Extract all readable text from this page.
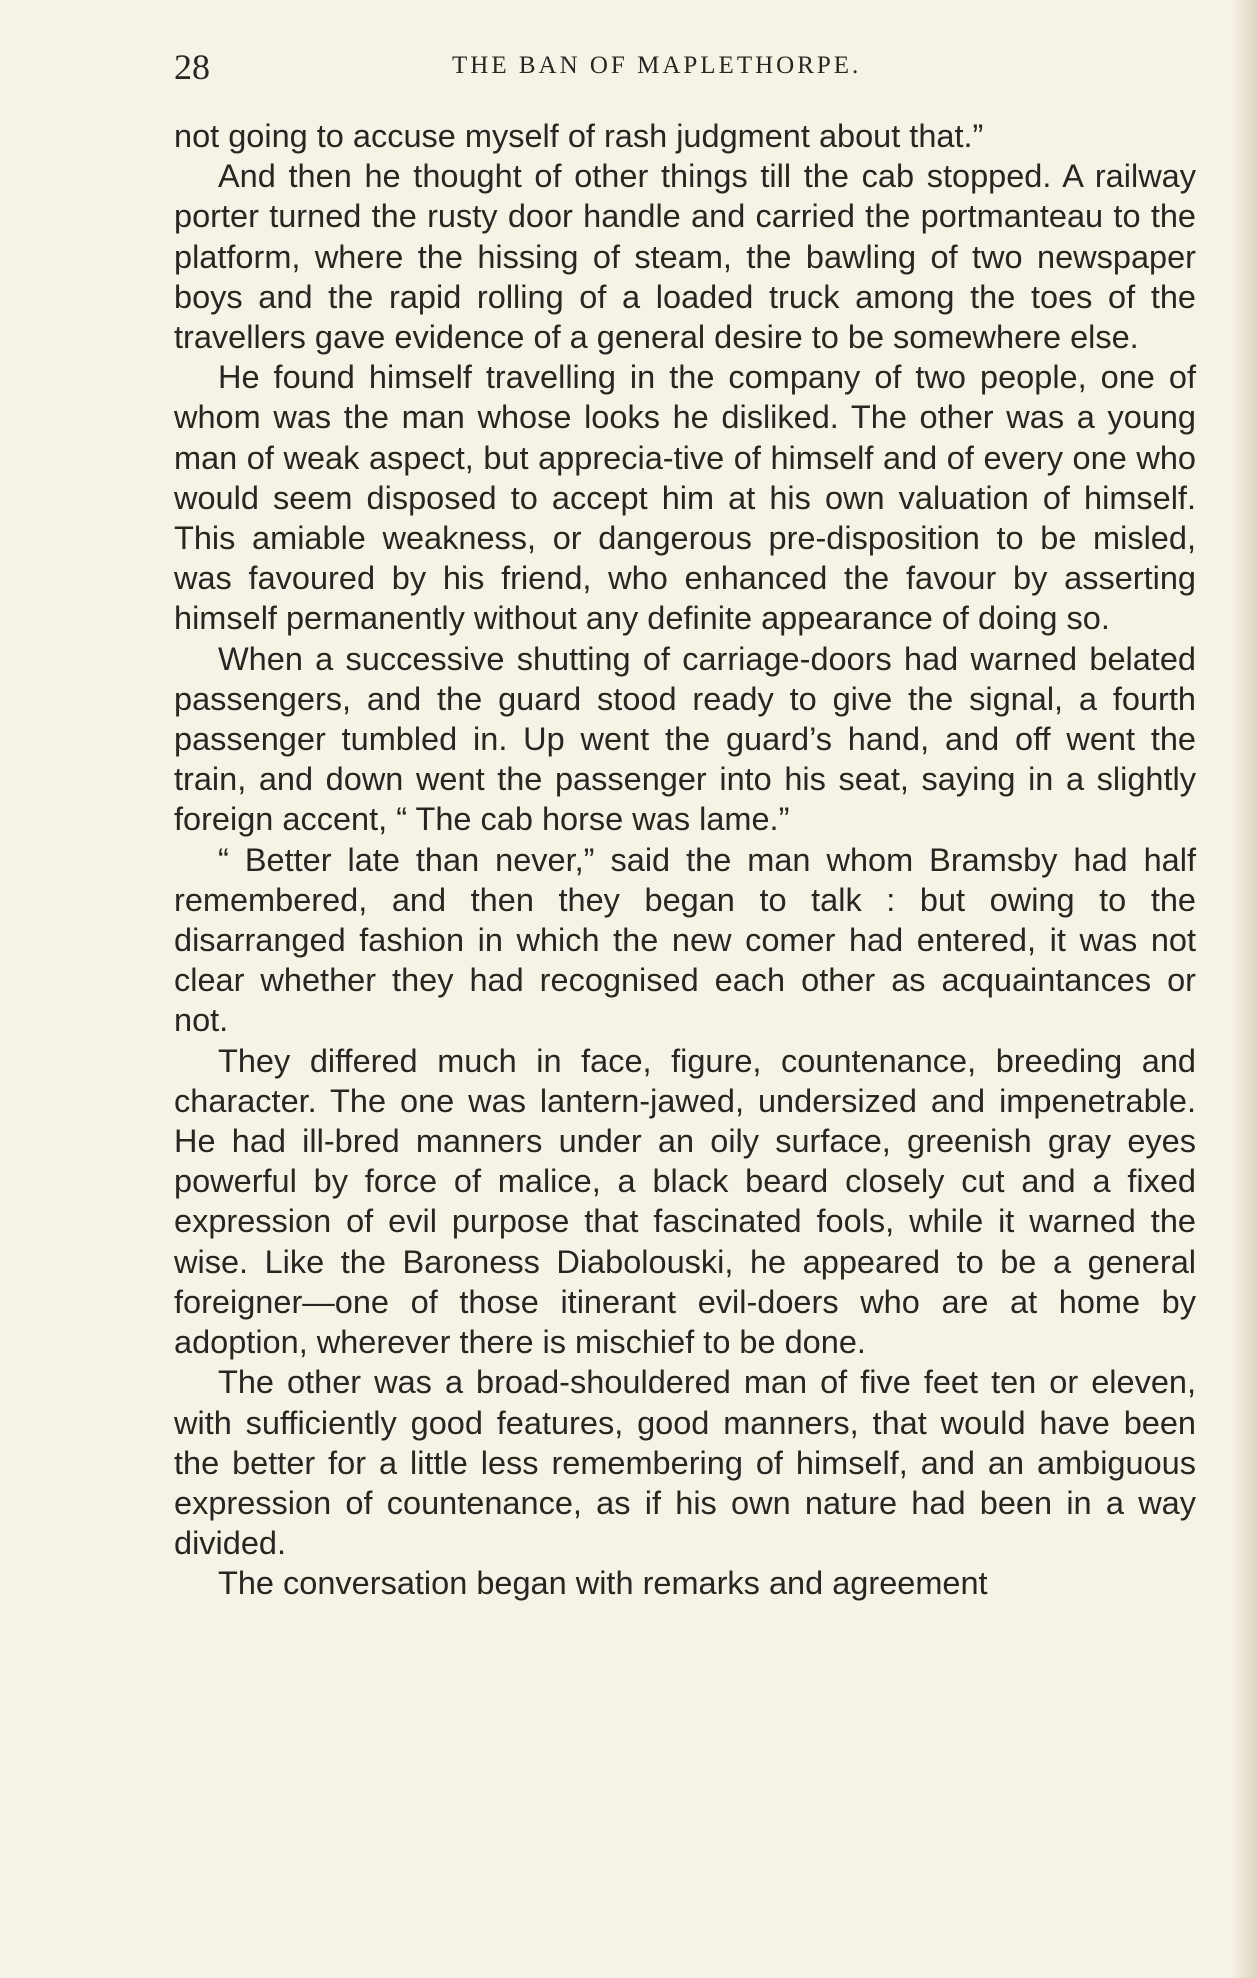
28	THE BAN OF MAPLETHORPE.

not going to accuse myself of rash judgment about that.”

And then he thought of other things till the cab stopped. A railway porter turned the rusty door handle and carried the portmanteau to the platform, where the hissing of steam, the bawling of two newspaper boys and the rapid rolling of a loaded truck among the toes of the travellers gave evidence of a general desire to be somewhere else.

He found himself travelling in the company of two people, one of whom was the man whose looks he disliked. The other was a young man of weak aspect, but apprecia-tive of himself and of every one who would seem disposed to accept him at his own valuation of himself. This amiable weakness, or dangerous pre-disposition to be misled, was favoured by his friend, who enhanced the favour by asserting himself permanently without any definite appearance of doing so.

When a successive shutting of carriage-doors had warned belated passengers, and the guard stood ready to give the signal, a fourth passenger tumbled in. Up went the guard’s hand, and off went the train, and down went the passenger into his seat, saying in a slightly foreign accent, “ The cab horse was lame.”

“ Better late than never,” said the man whom Bramsby had half remembered, and then they began to talk : but owing to the disarranged fashion in which the new comer had entered, it was not clear whether they had recognised each other as acquaintances or not.

They differed much in face, figure, countenance, breeding and character. The one was lantern-jawed, undersized and impenetrable. He had ill-bred manners under an oily surface, greenish gray eyes powerful by force of malice, a black beard closely cut and a fixed expression of evil purpose that fascinated fools, while it warned the wise. Like the Baroness Diabolouski, he appeared to be a general foreigner—one of those itinerant evil-doers who are at home by adoption, wherever there is mischief to be done.

The other was a broad-shouldered man of five feet ten or eleven, with sufficiently good features, good manners, that would have been the better for a little less remembering of himself, and an ambiguous expression of countenance, as if his own nature had been in a way divided.

The conversation began with remarks and agreement
